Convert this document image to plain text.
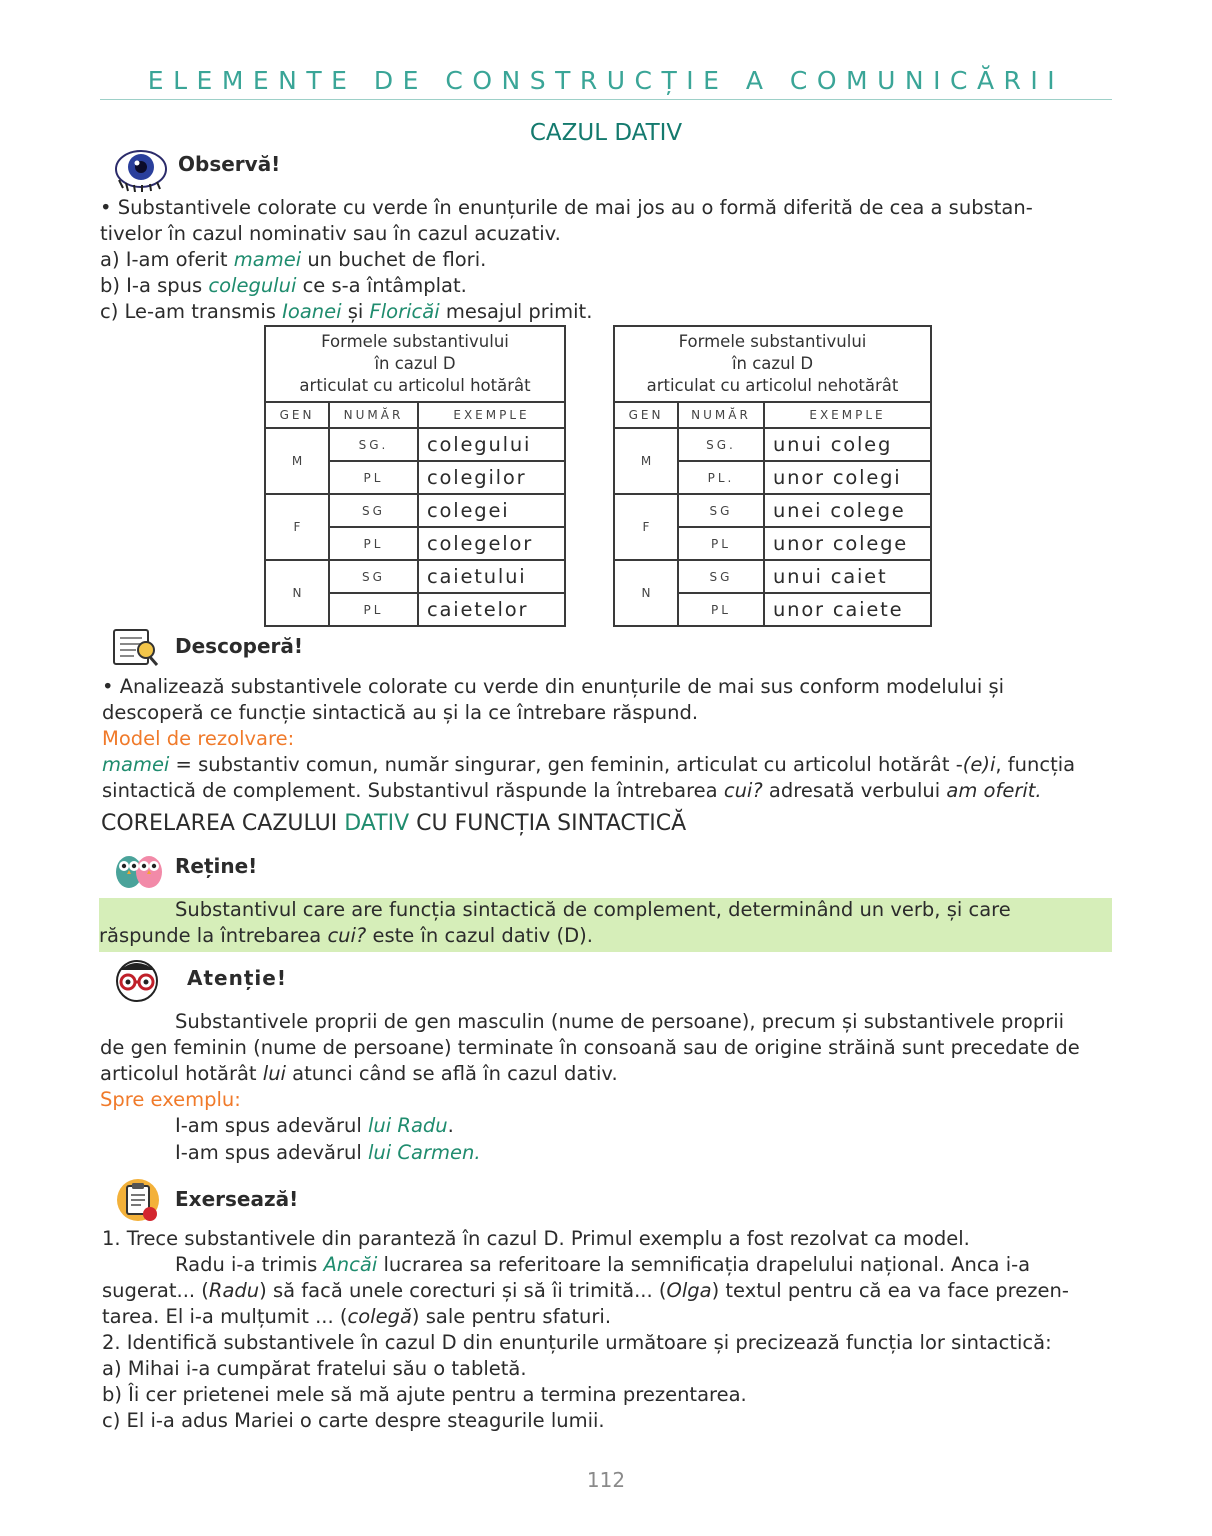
ELEMENTE DE CONSTRUCȚIE A COMUNICĂRII
CAZUL DATIV
Observă!
• Substantivele colorate cu verde în enunțurile de mai jos au o formă diferită de cea a substan-
tivelor în cazul nominativ sau în cazul acuzativ.
a) I-am oferit mamei un buchet de flori.
b) I-a spus colegului ce s-a întâmplat.
c) Le-am transmis Ioanei și Floricăi mesajul primit.
Formele substantivului
în cazul D
articulat cu articolul hotărât		
GEN	NUMĂR	EXEMPLE
M	SG.	colegului
	PL	colegilor
F	SG	colegei
	PL	colegelor
N	SG	caietului
	PL	caietelor
Formele substantivului
în cazul D
articulat cu articolul nehotărât		
GEN	NUMĂR	EXEMPLE
M	SG.	unui coleg
	PL.	unor colegi
F	SG	unei colege
	PL	unor colege
N	SG	unui caiet
	PL	unor caiete
Descoperă!
• Analizează substantivele colorate cu verde din enunțurile de mai sus conform modelului și
descoperă ce funcție sintactică au și la ce întrebare răspund.
Model de rezolvare:
mamei = substantiv comun, număr singurar, gen feminin, articulat cu articolul hotărât -(e)i, funcția
sintactică de complement. Substantivul răspunde la întrebarea cui? adresată verbului am oferit.
CORELAREA CAZULUI DATIV CU FUNCȚIA SINTACTICĂ
Reține!
Substantivul care are funcția sintactică de complement, determinând un verb, și care
răspunde la întrebarea cui? este în cazul dativ (D).
Atenție!
Substantivele proprii de gen masculin (nume de persoane), precum și substantivele proprii
de gen feminin (nume de persoane) terminate în consoană sau de origine străină sunt precedate de
articolul hotărât lui atunci când se află în cazul dativ.
Spre exemplu:
I-am spus adevărul lui Radu.
I-am spus adevărul lui Carmen.
Exersează!
1. Trece substantivele din paranteză în cazul D. Primul exemplu a fost rezolvat ca model.
Radu i-a trimis Ancăi lucrarea sa referitoare la semnificația drapelului național. Anca i-a
sugerat... (Radu) să facă unele corecturi și să îi trimită... (Olga) textul pentru că ea va face prezen-
tarea. El i-a mulțumit ... (colegă) sale pentru sfaturi.
2. Identifică substantivele în cazul D din enunțurile următoare și precizează funcția lor sintactică:
a) Mihai i-a cumpărat fratelui său o tabletă.
b) Îi cer prietenei mele să mă ajute pentru a termina prezentarea.
c) El i-a adus Mariei o carte despre steagurile lumii.
112
